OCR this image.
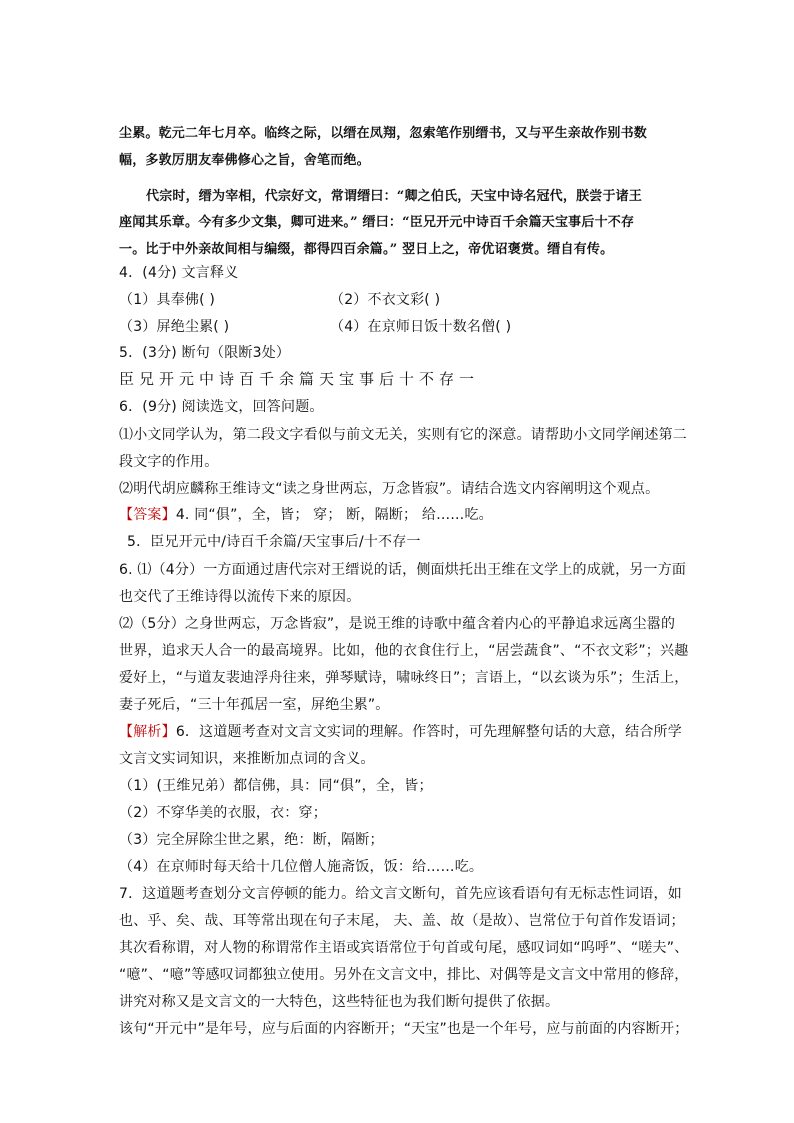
尘累。乾元二年七月卒。临终之际，以缙在凤翔，忽索笔作别缙书，又与平生亲故作别书数
幅，多敦厉朋友奉佛修心之旨，舍笔而绝。
代宗时，缙为宰相，代宗好文，常谓缙曰：“卿之伯氏，天宝中诗名冠代，朕尝于诸王
座闻其乐章。今有多少文集，卿可进来。” 缙曰：“臣兄开元中诗百千余篇天宝事后十不存
一。比于中外亲故间相与编缀，都得四百余篇。” 翌日上之，帝优诏褒赏。缙自有传。
4．(4分) 文言释义
（1）具奉佛( )	（2）不衣文彩( )
（3）屏绝尘累( )	（4）在京师日饭十数名僧( )
5．(3分) 断句（限断3处）
臣兄开元中诗百千余篇天宝事后十不存一
6．(9分) 阅读选文，回答问题。
⑴小文同学认为，第二段文字看似与前文无关，实则有它的深意。请帮助小文同学阐述第二
段文字的作用。
⑵明代胡应麟称王维诗文“读之身世两忘，万念皆寂”。请结合选文内容阐明这个观点。
【答案】4. 同“俱”，全，皆； 穿； 断，隔断； 给……吃。
5．臣兄开元中/诗百千余篇/天宝事后/十不存一
6. ⑴（4分）一方面通过唐代宗对王缙说的话，侧面烘托出王维在文学上的成就，另一方面
也交代了王维诗得以流传下来的原因。
⑵（5分）之身世两忘，万念皆寂”，是说王维的诗歌中蕴含着内心的平静追求远离尘嚣的
世界，追求天人合一的最高境界。比如，他的衣食住行上，“居尝蔬食”、“不衣文彩”；兴趣
爱好上，“与道友裴迪浮舟往来，弹琴赋诗，啸咏终日”；言语上，“以玄谈为乐”；生活上，
妻子死后，“三十年孤居一室，屏绝尘累”。
【解析】6．这道题考查对文言文实词的理解。作答时，可先理解整句话的大意，结合所学
文言文实词知识，来推断加点词的含义。
（1）(王维兄弟）都信佛，具：同“俱”，全，皆；
（2）不穿华美的衣服，衣：穿；
（3）完全屏除尘世之累，绝：断，隔断；
（4）在京师时每天给十几位僧人施斋饭，饭：给……吃。
7．这道题考查划分文言停顿的能力。给文言文断句，首先应该看语句有无标志性词语，如
也、乎、矣、哉、耳等常出现在句子末尾， 夫、盖、故（是故）、岂常位于句首作发语词；
其次看称谓，对人物的称谓常作主语或宾语常位于句首或句尾，感叹词如“呜呼”、“嗟夫”、
“噫”、“噫”等感叹词都独立使用。另外在文言文中，排比、对偶等是文言文中常用的修辞，
讲究对称又是文言文的一大特色，这些特征也为我们断句提供了依据。
该句“开元中”是年号，应与后面的内容断开；“天宝”也是一个年号，应与前面的内容断开；
